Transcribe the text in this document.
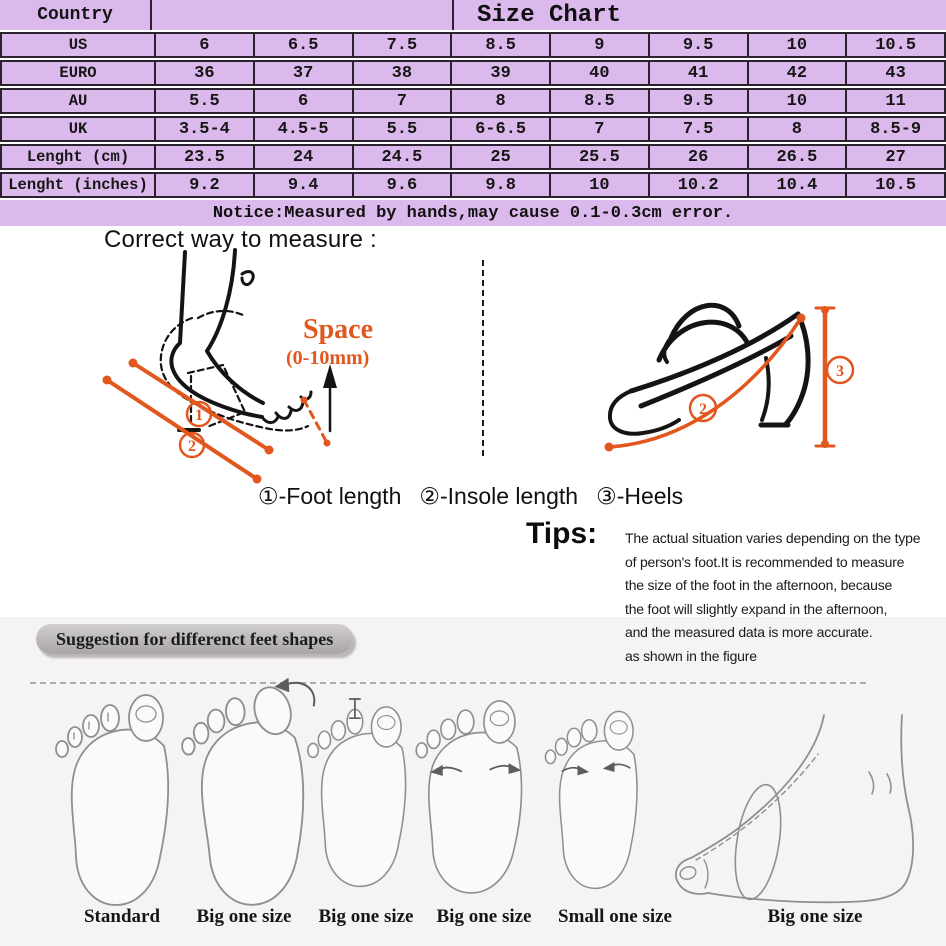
Country	Size Chart
US	6	6.5	7.5	8.5	9	9.5	10	10.5
EURO	36	37	38	39	40	41	42	43
AU	5.5	6	7	8	8.5	9.5	10	11
UK	3.5-4	4.5-5	5.5	6-6.5	7	7.5	8	8.5-9
Lenght (cm)	23.5	24	24.5	25	25.5	26	26.5	27
Lenght (inches)	9.2	9.4	9.6	9.8	10	10.2	10.4	10.5
Notice:Measured by hands,may cause 0.1-0.3cm error.
Correct way to measure :
1
2
Space
(0-10mm)
2
3
①-Foot length ②-Insole length ③-Heels
Tips: The actual situation varies depending on the type
of person's foot.It is recommended to measure
the size of the foot in the afternoon, because
the foot will slightly expand in the afternoon,
and the measured data is more accurate.
as shown in the figure
Suggestion for differenct feet shapes
Standard	Big one size	Big one size	Big one size	Small one size	Big one size
